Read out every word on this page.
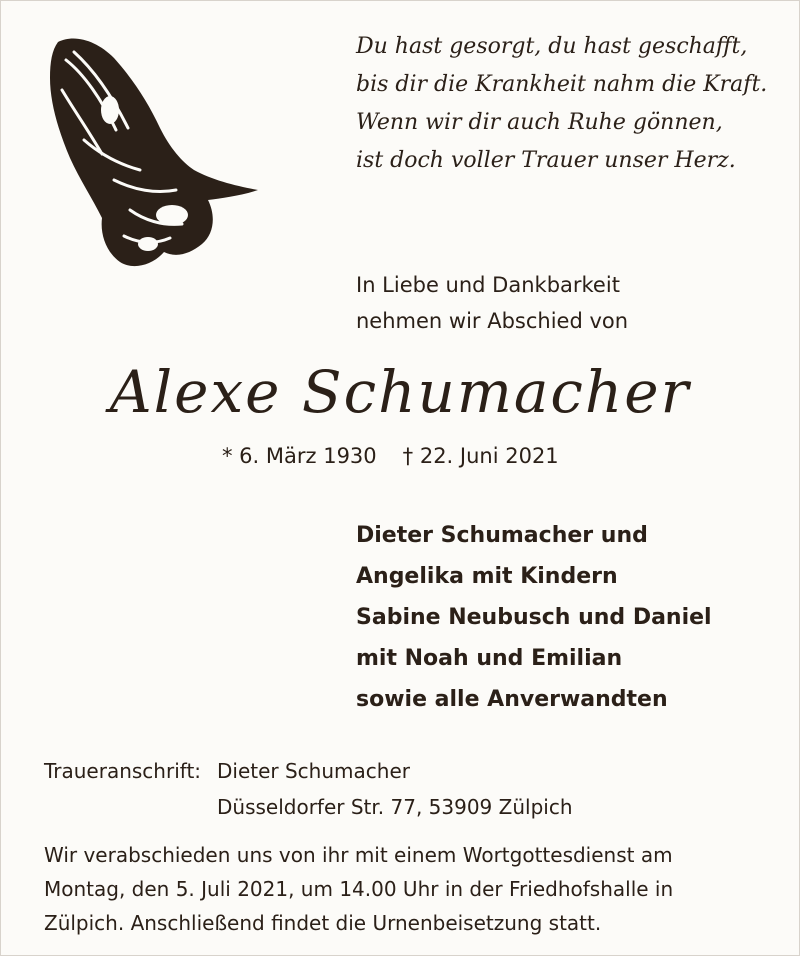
Du hast gesorgt, du hast geschafft,
bis dir die Krankheit nahm die Kraft.
Wenn wir dir auch Ruhe gönnen,
ist doch voller Trauer unser Herz.
In Liebe und Dankbarkeit
nehmen wir Abschied von
Alexe Schumacher
* 6. März 1930 † 22. Juni 2021
Dieter Schumacher und
Angelika mit Kindern
Sabine Neubusch und Daniel
mit Noah und Emilian
sowie alle Anverwandten
Traueranschrift: Dieter Schumacher
Düsseldorfer Str. 77, 53909 Zülpich
Wir verabschieden uns von ihr mit einem Wortgottesdienst am
Montag, den 5. Juli 2021, um 14.00 Uhr in der Friedhofshalle in
Zülpich. Anschließend findet die Urnenbeisetzung statt.
